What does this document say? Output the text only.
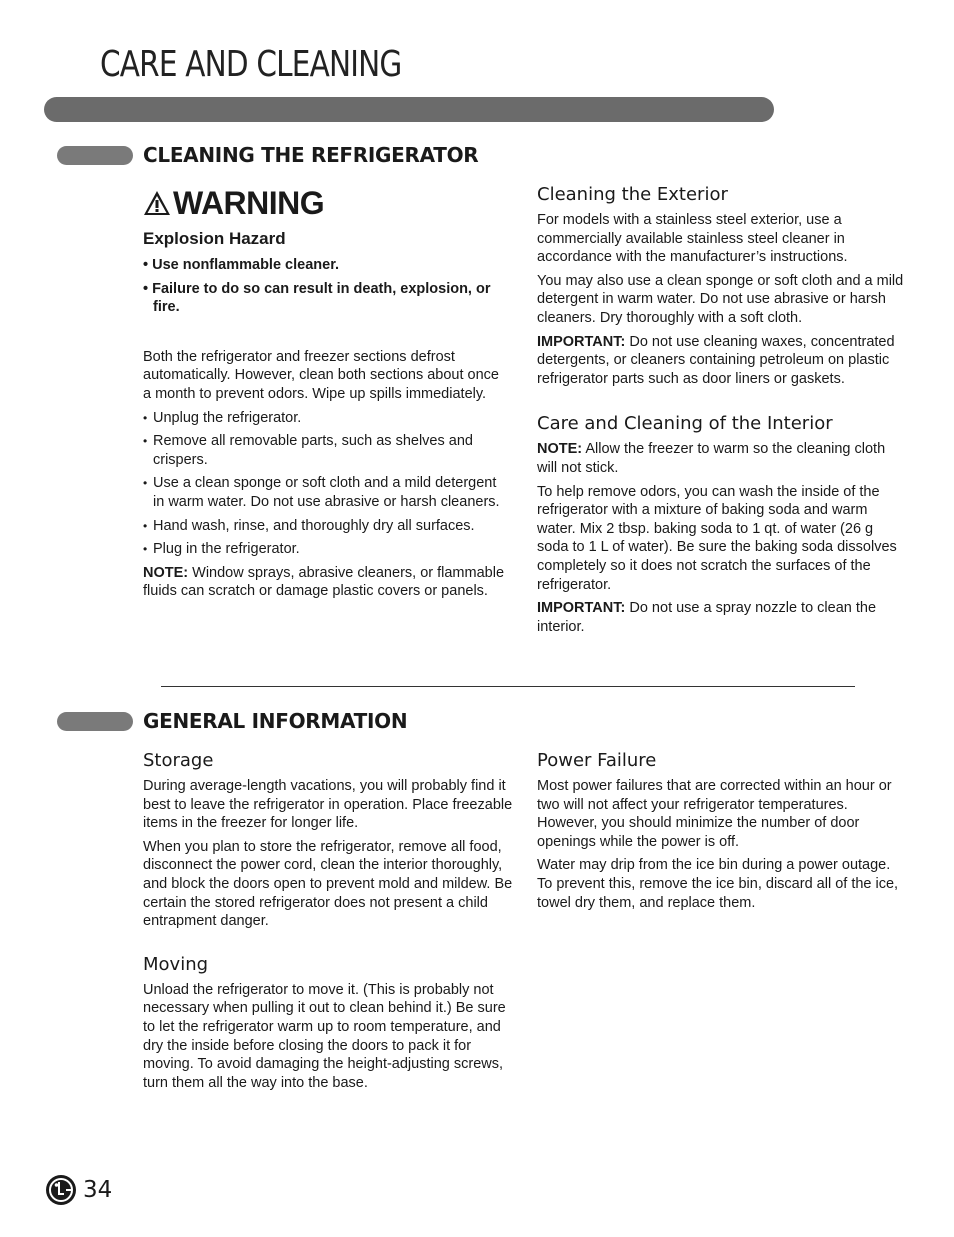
CARE AND CLEANING
CLEANING THE REFRIGERATOR
WARNING
Explosion Hazard

• Use nonflammable cleaner.

• Failure to do so can result in death, explosion, or fire.

Both the refrigerator and freezer sections defrost automatically. However, clean both sections about once a month to prevent odors. Wipe up spills immediately.

• Unplug the refrigerator.
• Remove all removable parts, such as shelves and crispers.
• Use a clean sponge or soft cloth and a mild detergent in warm water. Do not use abrasive or harsh cleaners.
• Hand wash, rinse, and thoroughly dry all surfaces.
• Plug in the refrigerator.

NOTE: Window sprays, abrasive cleaners, or flammable fluids can scratch or damage plastic covers or panels.

Cleaning the Exterior

For models with a stainless steel exterior, use a commercially available stainless steel cleaner in accordance with the manufacturer’s instructions.

You may also use a clean sponge or soft cloth and a mild detergent in warm water. Do not use abrasive or harsh cleaners. Dry thoroughly with a soft cloth.

IMPORTANT: Do not use cleaning waxes, concentrated detergents, or cleaners containing petroleum on plastic refrigerator parts such as door liners or gaskets.

Care and Cleaning of the Interior

NOTE: Allow the freezer to warm so the cleaning cloth will not stick.

To help remove odors, you can wash the inside of the refrigerator with a mixture of baking soda and warm water. Mix 2 tbsp. baking soda to 1 qt. of water (26 g soda to 1 L of water). Be sure the baking soda dissolves completely so it does not scratch the surfaces of the refrigerator.

IMPORTANT: Do not use a spray nozzle to clean the interior.

GENERAL INFORMATION
Storage

During average-length vacations, you will probably find it best to leave the refrigerator in operation. Place freezable items in the freezer for longer life.

When you plan to store the refrigerator, remove all food, disconnect the power cord, clean the interior thoroughly, and block the doors open to prevent mold and mildew. Be certain the stored refrigerator does not present a child entrapment danger.

Moving

Unload the refrigerator to move it. (This is probably not necessary when pulling it out to clean behind it.) Be sure to let the refrigerator warm up to room temperature, and dry the inside before closing the doors to pack it for moving. To avoid damaging the height-adjusting screws, turn them all the way into the base.

Power Failure

Most power failures that are corrected within an hour or two will not affect your refrigerator temperatures. However, you should minimize the number of door openings while the power is off.

Water may drip from the ice bin during a power outage. To prevent this, remove the ice bin, discard all of the ice, towel dry them, and replace them.

34
